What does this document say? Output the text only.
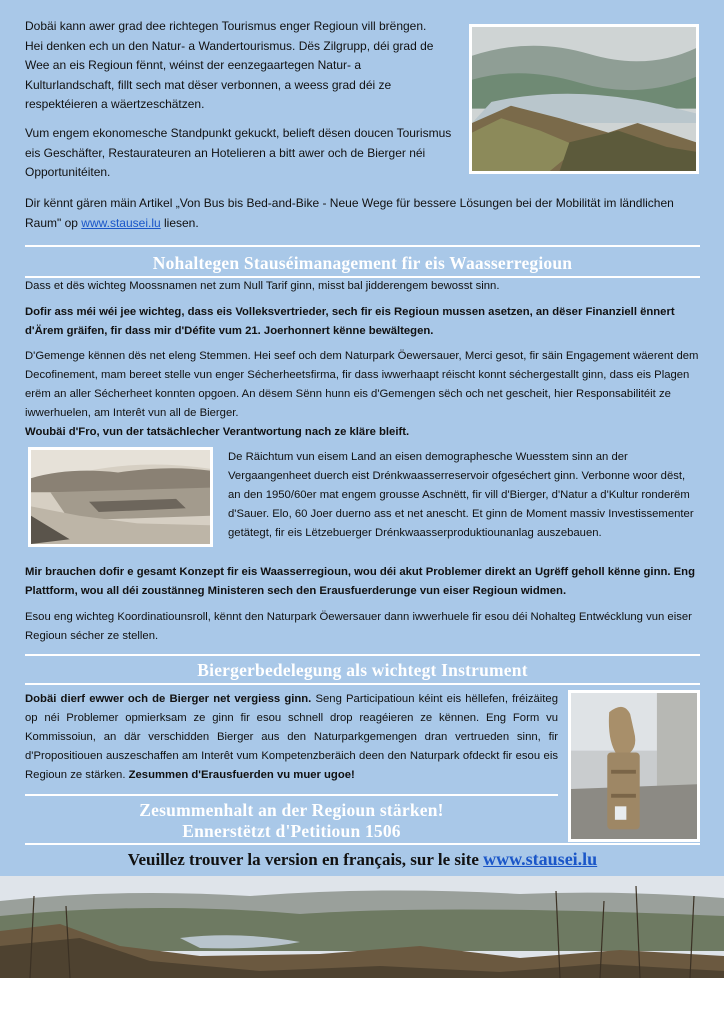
Dobäi kann awer grad dee richtegen Tourismus enger Regioun vill brëngen. Hei denken ech un den Natur- a Wandertourismus. Dës Zilgrupp, déi grad de Wee an eis Regioun fënnt, wéinst der eenzegaartegen Natur- a Kulturlandschaft, fillt sech mat dëser verbonnen, a weess grad déi ze respektéieren a wäertzeschätzen.

Vum engem ekonomesche Standpunkt gekuckt, belieft dësen doucen Tourismus eis Geschäfter, Restaurateuren an Hotelieren a bitt awer och de Bierger néi Opportunitéiten.

Dir kënnt gären mäin Artikel „Von Bus bis Bed-and-Bike - Neue Wege für bessere Lösungen bei der Mobilität im ländlichen Raum" op www.stausei.lu liesen.

Nohaltegen Stauséimanagement fir eis Waasserregioun

Dass et dës wichteg Moossnamen net zum Null Tarif ginn, misst bal jidderengem bewosst sinn.

Dofir ass méi wéi jee wichteg, dass eis Volleksvertrieder, sech fir eis Regioun mussen asetzen, an dëser Finanziell ënnert d'Ärem gräifen, fir dass mir d'Défite vum 21. Joerhonnert kënne bewältegen.

D'Gemenge kënnen dës net eleng Stemmen. Hei seef och dem Naturpark Öewersauer, Merci gesot, fir säin Engagement wäerent dem Decofinement, mam bereet stelle vun enger Sécherheetsfirma, fir dass iwwerhaapt réischt konnt séchergestallt ginn, dass eis Plagen erëm an aller Sécherheet konnten opgoen. An dësem Sënn hunn eis d'Gemengen sëch och net gescheit, hier Responsabilitéit ze iwwerhuelen, am Interêt vun all de Bierger.

Woubäi d'Fro, vun der tatsächlecher Verantwortung nach ze kläre bleift.

De Räichtum vun eisem Land an eisen demographesche Wuesstem sinn an der Vergaangenheet duerch eist Drénkwaasserreservoir ofgeséchert ginn. Verbonne woor dëst, an den 1950/60er mat engem grousse Aschnëtt, fir vill d'Bierger, d'Natur a d'Kultur ronderëm d'Sauer. Elo, 60 Joer duerno ass et net anescht. Et ginn de Moment massiv Investissementer getätegt, fir eis Lëtzebuerger Drénkwaasserproduktiounanlag auszebauen.

Mir brauchen dofir e gesamt Konzept fir eis Waasserregioun, wou déi akut Problemer direkt an Ugrëff geholl kënne ginn. Eng Plattform, wou all déi zoustänneg Ministeren sech den Erausfuerderunge vun eiser Regioun widmen.

Esou eng wichteg Koordinatiounsroll, kënnt den Naturpark Öewersauer dann iwwerhuele fir esou déi Nohalteg Entwécklung vun eiser Regioun sécher ze stellen.

Biergerbedelegung als wichtegt Instrument

Dobäi dierf ewwer och de Bierger net vergiess ginn. Seng Participatioun kéint eis hëllefen, fréizäiteg op néi Problemer opmierksam ze ginn fir esou schnell drop reagéieren ze kënnen. Eng Form vu Kommissoiun, an där verschidden Bierger aus den Naturparkgemengen dran vertrueden sinn, fir d'Propositiouen auszeschaffen am Interêt vum Kompetenzberäich deen den Naturpark ofdeckt fir esou eis Regioun ze stärken. Zesummen d'Erausfuerden vu muer ugoe!

Zesummenhalt an der Regioun stärken!
Ennerstëtzt d'Petitioun 1506
Veuillez trouver la version en français, sur le site www.stausei.lu
